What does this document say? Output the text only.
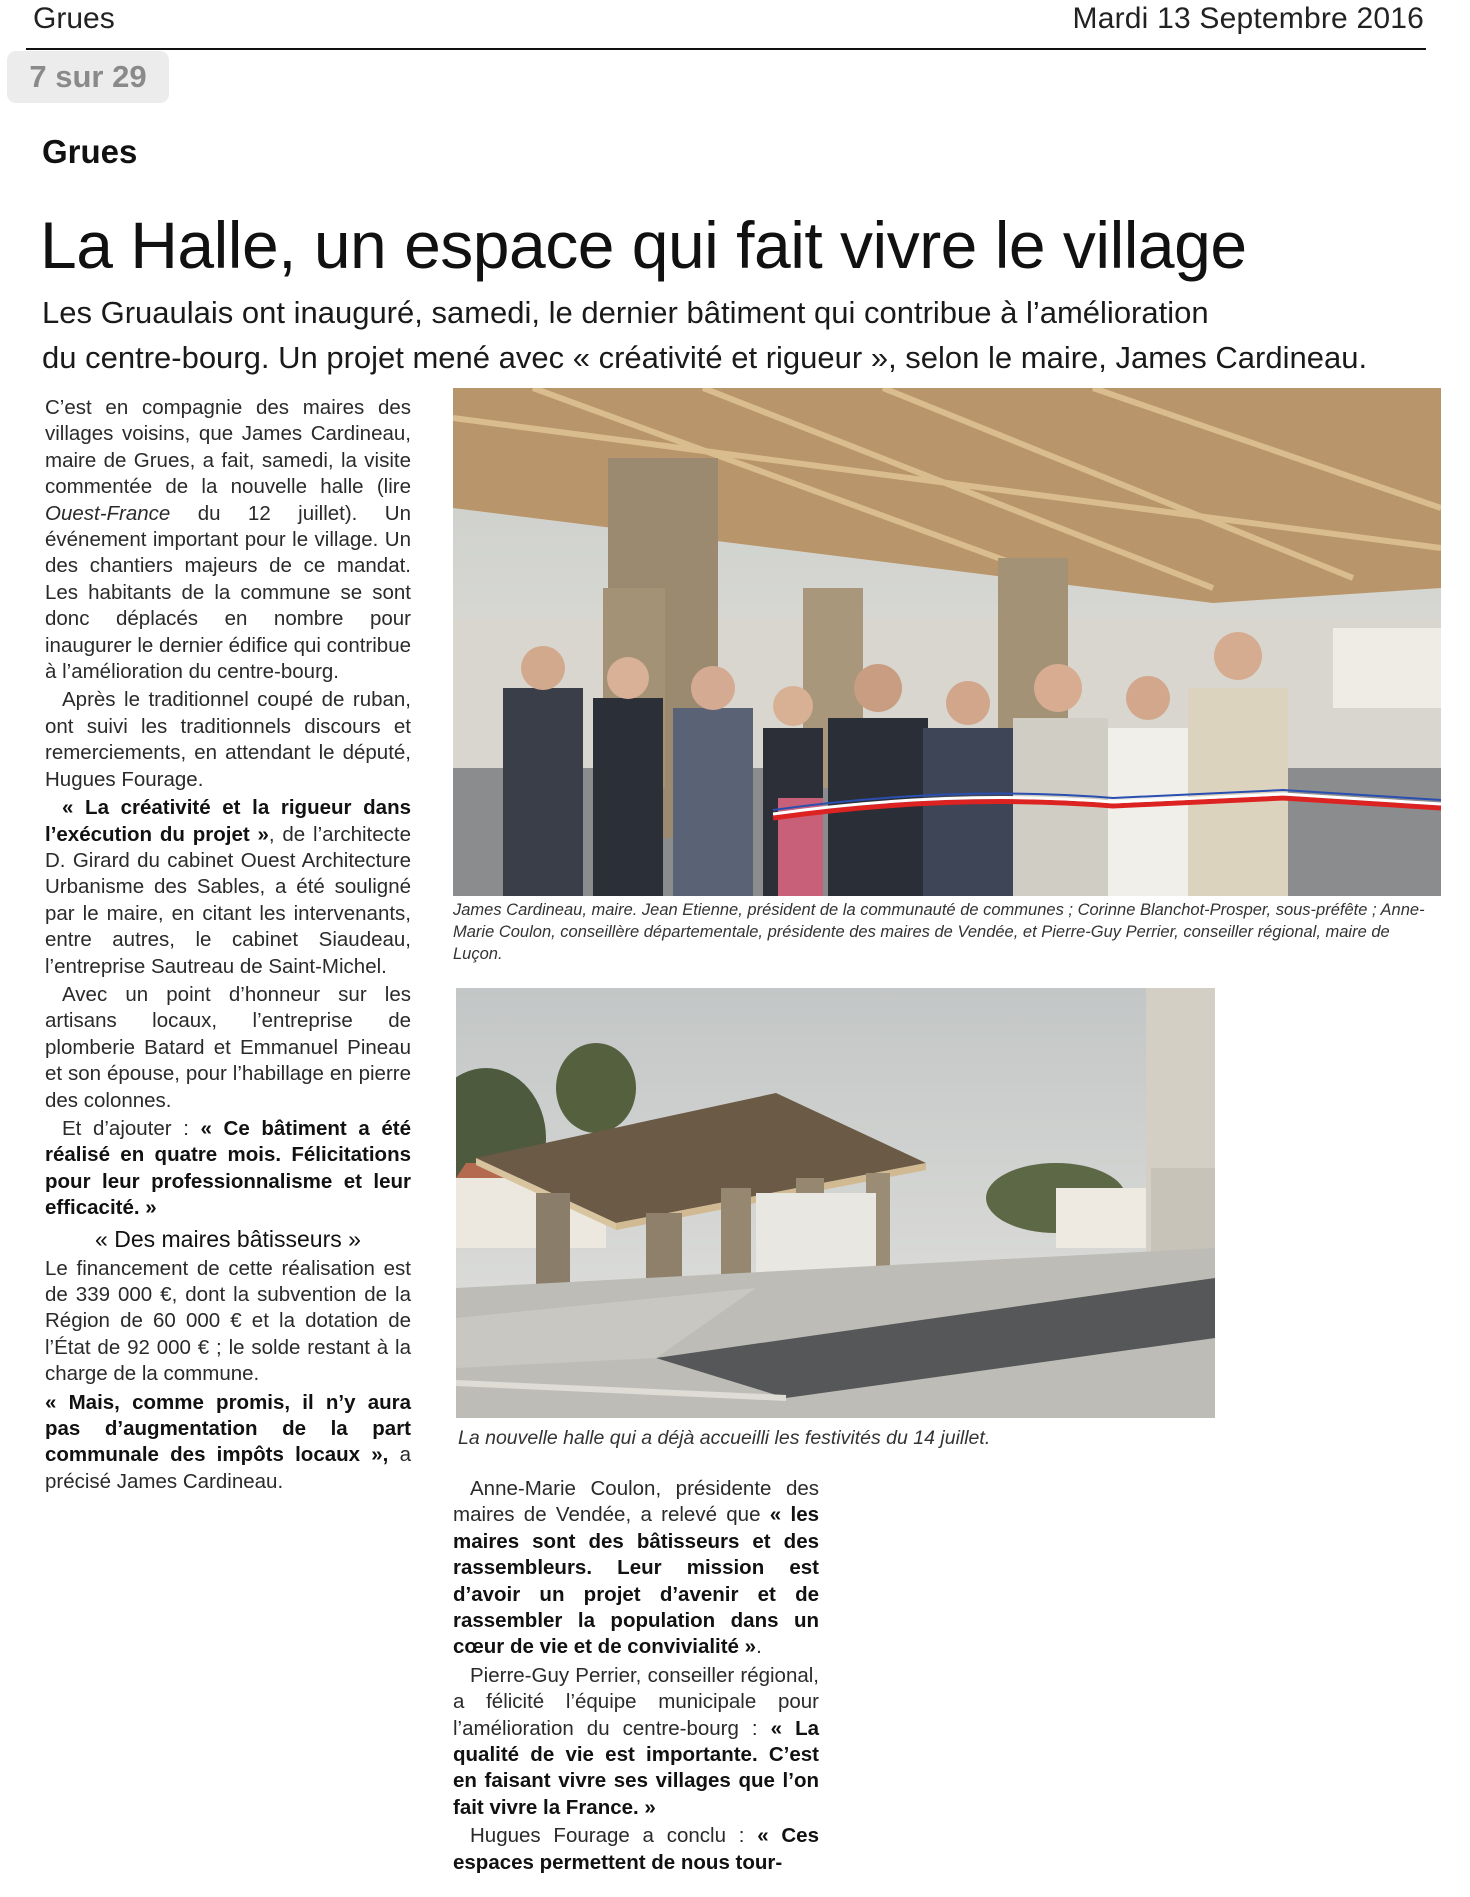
Grues	Mardi 13 Septembre 2016
7 sur 29
Grues
La Halle, un espace qui fait vivre le village
Les Gruaulais ont inauguré, samedi, le dernier bâtiment qui contribue à l’amélioration
du centre-bourg. Un projet mené avec « créativité et rigueur », selon le maire, James Cardineau.

C’est en compagnie des maires des villages voisins, que James Cardineau, maire de Grues, a fait, samedi, la visite commentée de la nouvelle halle (lire Ouest-France du 12 juillet). Un événement important pour le village. Un des chantiers majeurs de ce mandat. Les habitants de la commune se sont donc déplacés en nombre pour inaugurer le dernier édifice qui contribue à l’amélioration du centre-bourg.

Après le traditionnel coupé de ruban, ont suivi les traditionnels discours et remerciements, en attendant le député, Hugues Fourage.

« La créativité et la rigueur dans l’exécution du projet », de l’architecte D. Girard du cabinet Ouest Architecture Urbanisme des Sables, a été souligné par le maire, en citant les intervenants, entre autres, le cabinet Siaudeau, l’entreprise Sautreau de Saint-Michel.

Avec un point d’honneur sur les artisans locaux, l’entreprise de plomberie Batard et Emmanuel Pineau et son épouse, pour l’habillage en pierre des colonnes.

Et d’ajouter : « Ce bâtiment a été réalisé en quatre mois. Félicitations pour leur professionnalisme et leur efficacité. »

« Des maires bâtisseurs »

Le financement de cette réalisation est de 339 000 €, dont la subvention de la Région de 60 000 € et la dotation de l’État de 92 000 € ; le solde restant à la charge de la commune.

« Mais, comme promis, il n’y aura pas d’augmentation de la part communale des impôts locaux », a précisé James Cardineau.

James Cardineau, maire. Jean Etienne, président de la communauté de communes ; Corinne Blanchot-Prosper, sous-préfête ; Anne-Marie Coulon, conseillère départementale, présidente des maires de Vendée, et Pierre-Guy Perrier, conseiller régional, maire de Luçon.
La nouvelle halle qui a déjà accueilli les festivités du 14 juillet.

Anne-Marie Coulon, présidente des maires de Vendée, a relevé que « les maires sont des bâtisseurs et des rassembleurs. Leur mission est d’avoir un projet d’avenir et de rassembler la population dans un cœur de vie et de convivialité ».

Pierre-Guy Perrier, conseiller régional, a félicité l’équipe municipale pour l’amélioration du centre-bourg : « La qualité de vie est importante. C’est en faisant vivre ses villages que l’on fait vivre la France. »

Hugues Fourage a conclu : « Ces espaces permettent de nous tour-
